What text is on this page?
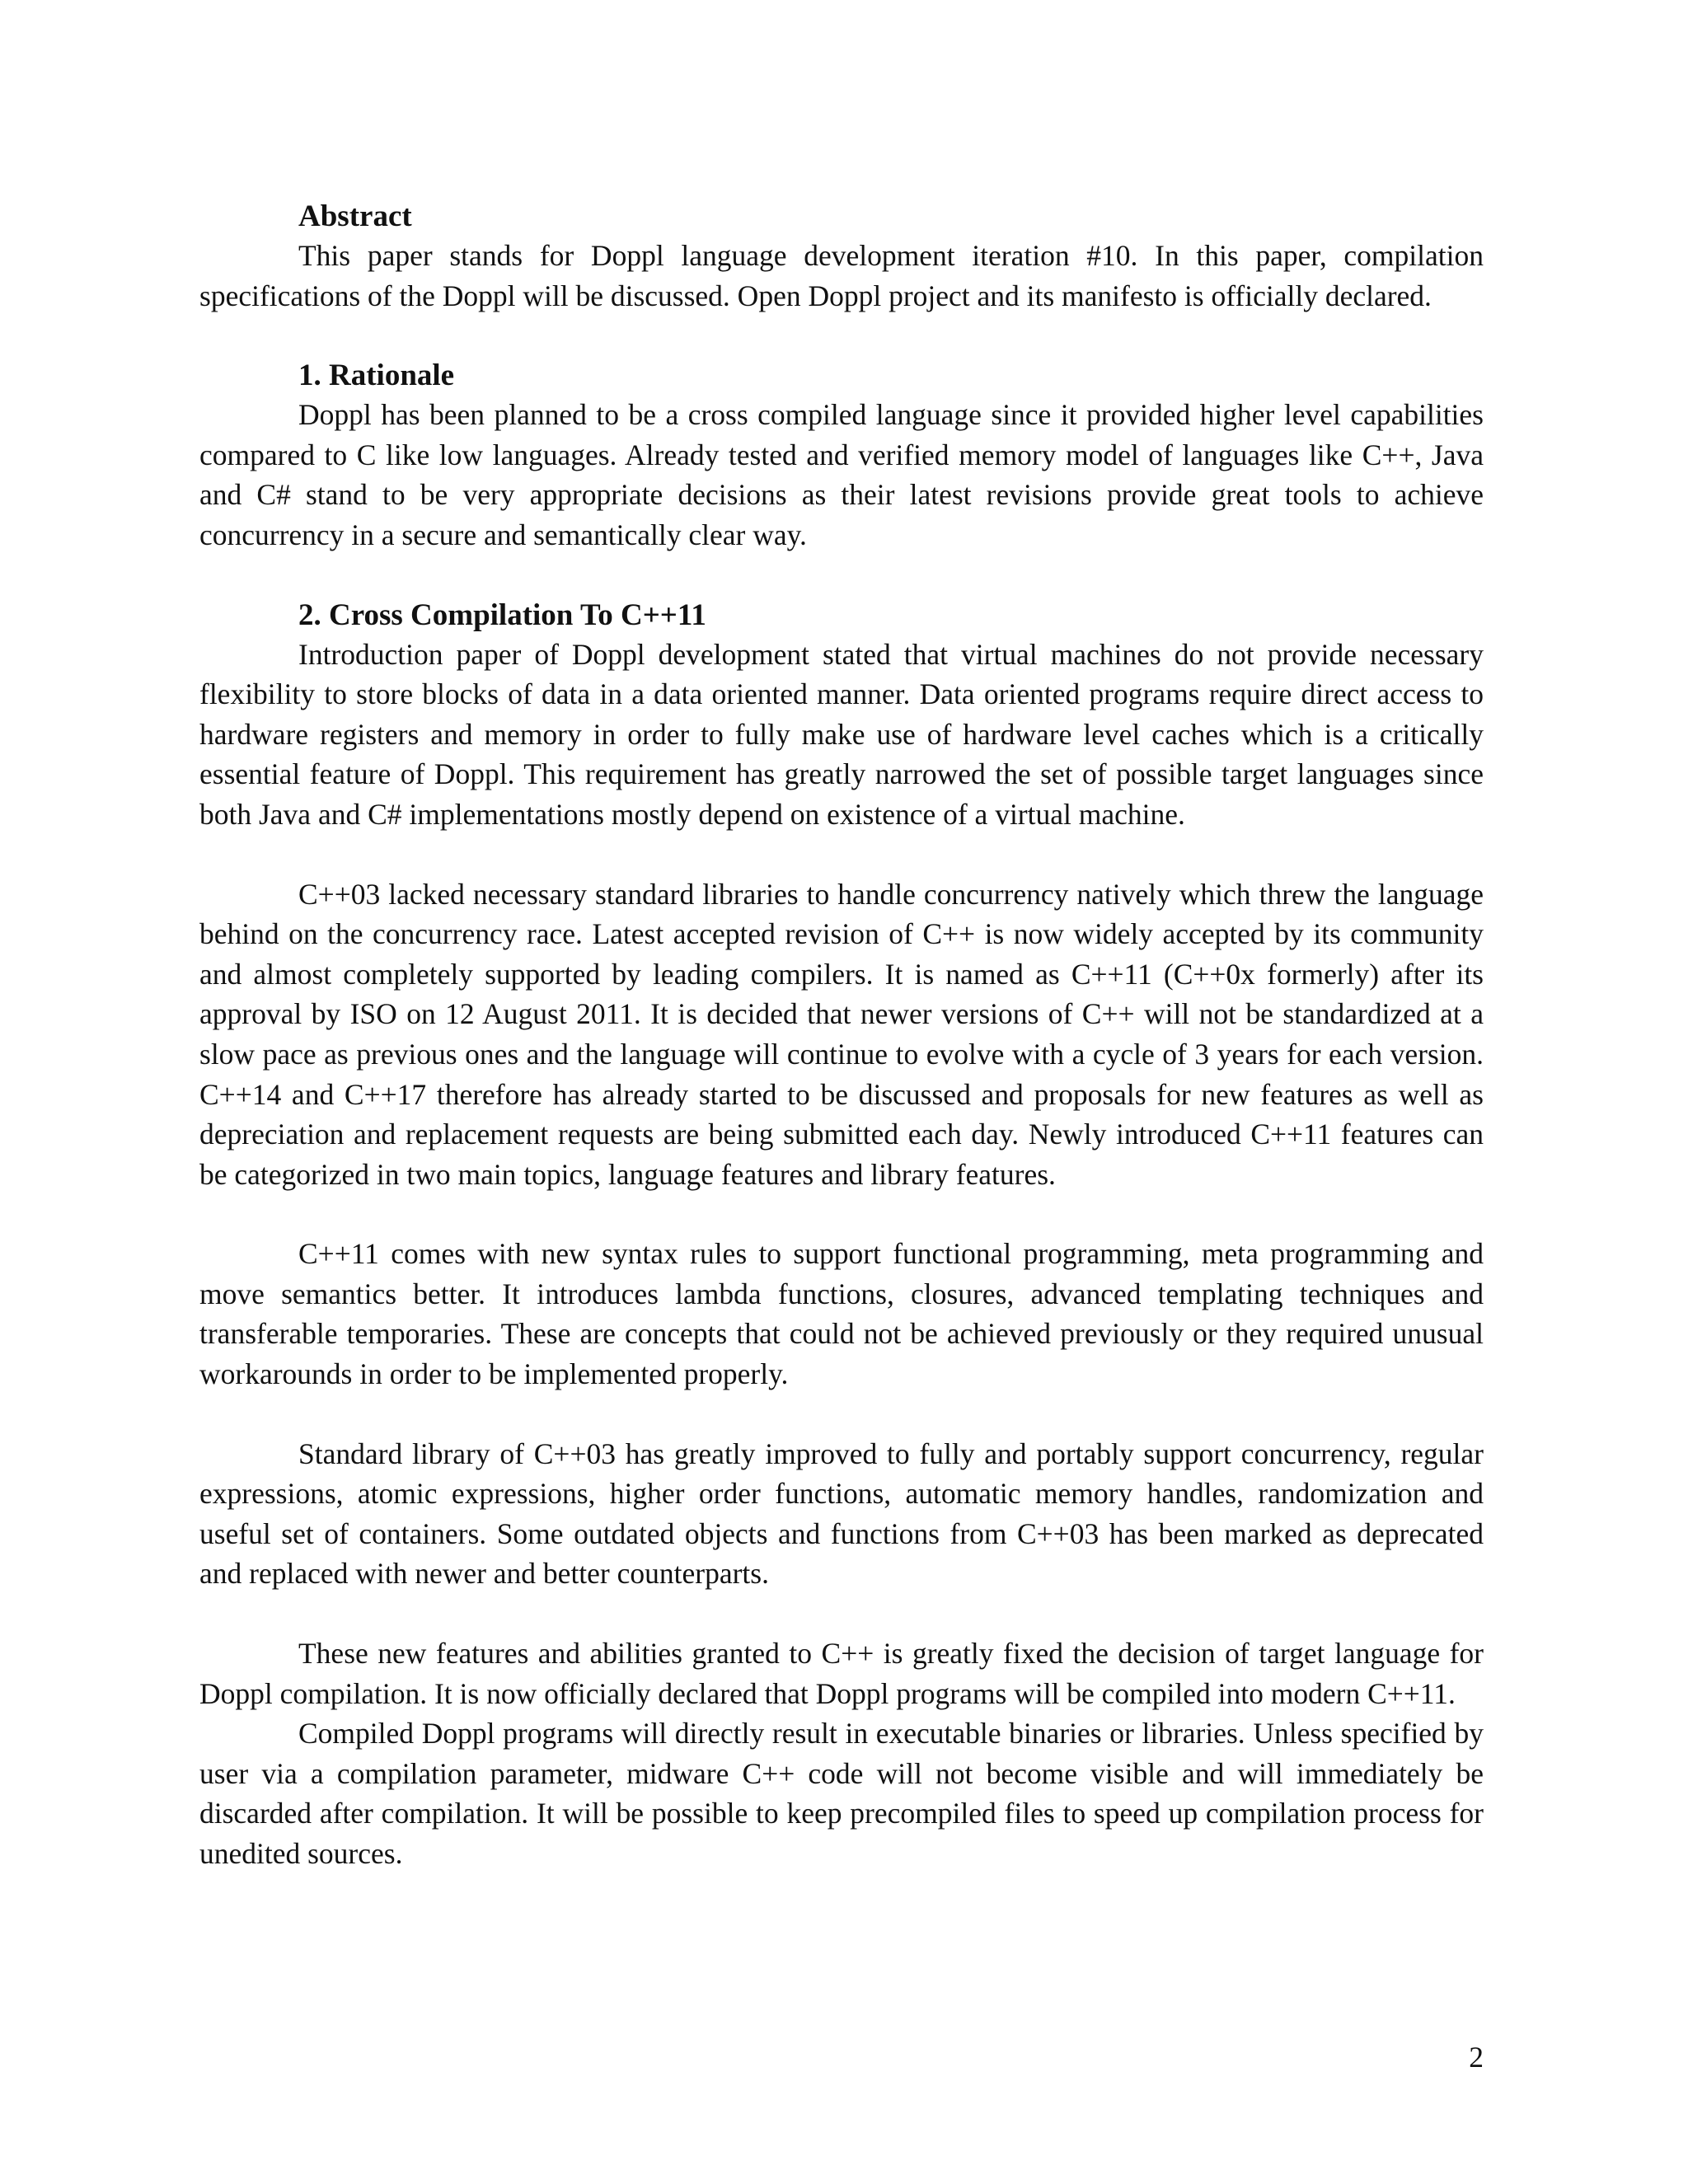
Abstract

This paper stands for Doppl language development iteration #10. In this paper, compilation specifications of the Doppl will be discussed. Open Doppl project and its manifesto is officially declared.

1. Rationale

Doppl has been planned to be a cross compiled language since it provided higher level capabilities compared to C like low languages. Already tested and verified memory model of languages like C++, Java and C# stand to be very appropriate decisions as their latest revisions provide great tools to achieve concurrency in a secure and semantically clear way.

2. Cross Compilation To C++11

Introduction paper of Doppl development stated that virtual machines do not provide necessary flexibility to store blocks of data in a data oriented manner. Data oriented programs require direct access to hardware registers and memory in order to fully make use of hardware level caches which is a critically essential feature of Doppl. This requirement has greatly narrowed the set of possible target languages since both Java and C# implementations mostly depend on existence of a virtual machine.

C++03 lacked necessary standard libraries to handle concurrency natively which threw the language behind on the concurrency race. Latest accepted revision of C++ is now widely accepted by its community and almost completely supported by leading compilers. It is named as C++11 (C++0x formerly) after its approval by ISO on 12 August 2011. It is decided that newer versions of C++ will not be standardized at a slow pace as previous ones and the language will continue to evolve with a cycle of 3 years for each version. C++14 and C++17 therefore has already started to be discussed and proposals for new features as well as depreciation and replacement requests are being submitted each day. Newly introduced C++11 features can be categorized in two main topics, language features and library features.

C++11 comes with new syntax rules to support functional programming, meta programming and move semantics better. It introduces lambda functions, closures, advanced templating techniques and transferable temporaries. These are concepts that could not be achieved previously or they required unusual workarounds in order to be implemented properly.

Standard library of C++03 has greatly improved to fully and portably support concurrency, regular expressions, atomic expressions, higher order functions, automatic memory handles, randomization and useful set of containers. Some outdated objects and functions from C++03 has been marked as deprecated and replaced with newer and better counterparts.

These new features and abilities granted to C++ is greatly fixed the decision of target language for Doppl compilation. It is now officially declared that Doppl programs will be compiled into modern C++11.

Compiled Doppl programs will directly result in executable binaries or libraries. Unless specified by user via a compilation parameter, midware C++ code will not become visible and will immediately be discarded after compilation. It will be possible to keep precompiled files to speed up compilation process for unedited sources.

2
